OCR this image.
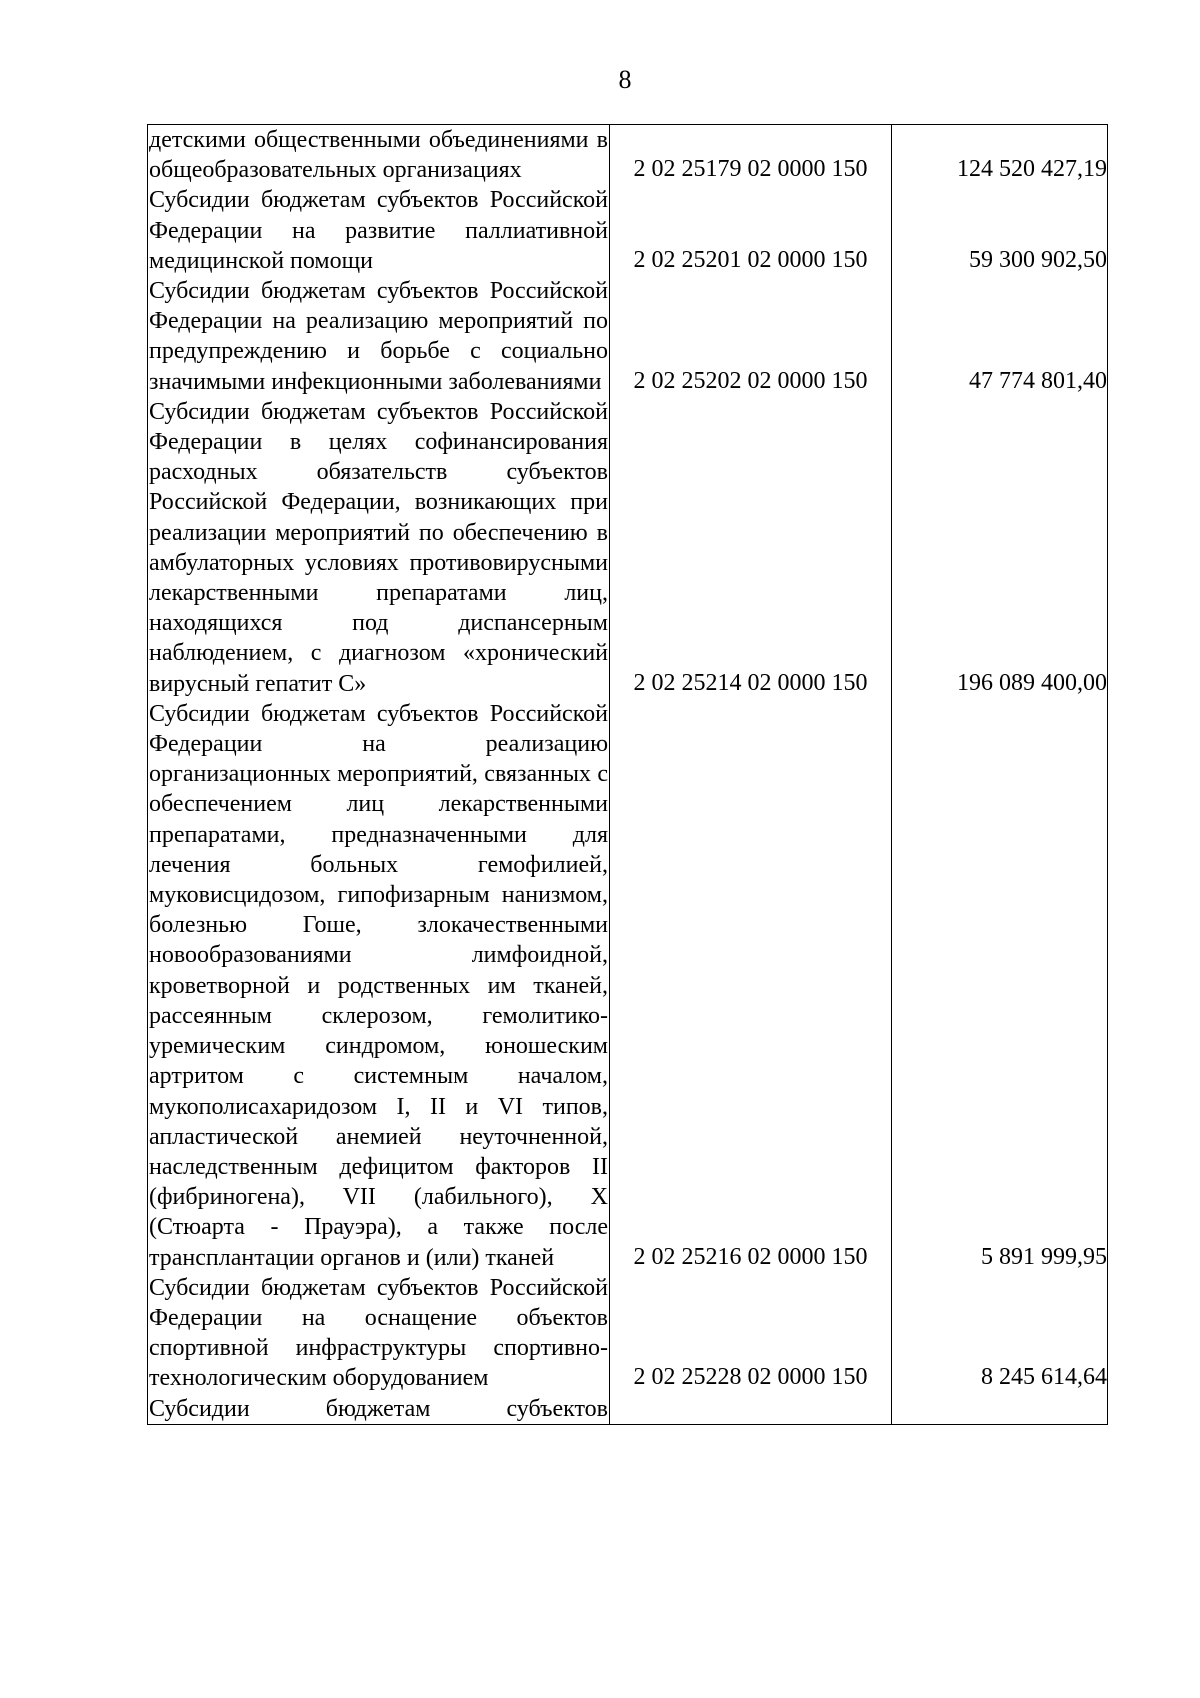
8
детскими общественными объединениями в общеобразовательных организациях	2 02 25179 02 0000 150	124 520 427,19
Субсидии бюджетам субъектов Российской Федерации на развитие паллиативной медицинской помощи	2 02 25201 02 0000 150	59 300 902,50
Субсидии бюджетам субъектов Российской Федерации на реализацию мероприятий по предупреждению и борьбе с социально значимыми инфекционными заболеваниями	2 02 25202 02 0000 150	47 774 801,40
Субсидии бюджетам субъектов Российской Федерации в целях софинансирования расходных обязательств субъектов Российской Федерации, возникающих при реализации мероприятий по обеспечению в амбулаторных условиях противовирусными лекарственными препаратами лиц, находящихся под диспансерным наблюдением, с диагнозом «хронический вирусный гепатит С»	2 02 25214 02 0000 150	196 089 400,00
Субсидии бюджетам субъектов Российской Федерации на реализацию организационных мероприятий, связанных с обеспечением лиц лекарственными препаратами, предназначенными для лечения больных гемофилией, муковисцидозом, гипофизарным нанизмом, болезнью Гоше, злокачественными новообразованиями лимфоидной, кроветворной и родственных им тканей, рассеянным склерозом, гемолитико-уремическим синдромом, юношеским артритом с системным началом, мукополисахаридозом I, II и VI типов, апластической анемией неуточненной, наследственным дефицитом факторов II (фибриногена), VII (лабильного), X (Стюарта - Прауэра), а также после трансплантации органов и (или) тканей	2 02 25216 02 0000 150	5 891 999,95
Субсидии бюджетам субъектов Российской Федерации на оснащение объектов спортивной инфраструктуры спортивно-технологическим оборудованием	2 02 25228 02 0000 150	8 245 614,64
Субсидии бюджетам субъектов		
